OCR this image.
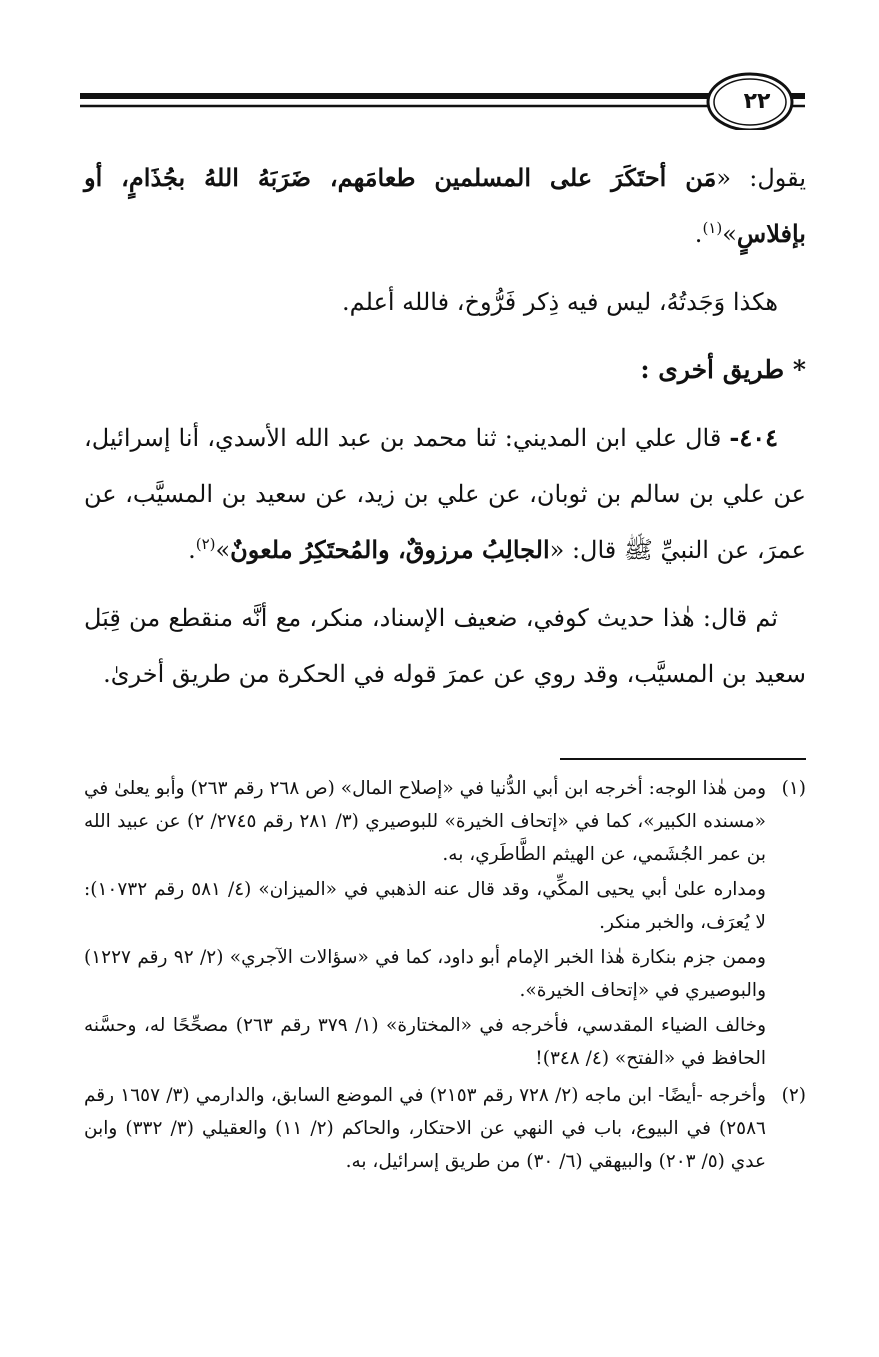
٢٢

يقول: «مَن أحتَكَرَ على المسلمين طعامَهم، ضَرَبَهُ اللهُ بجُذَامٍ، أو بإفلاسٍ»$^{(١)}$.

هكذا وَجَدتُهُ، ليس فيه ذِكر فَرُّوخ، فالله أعلم.

* طريق أخرى :

٤٠٤- قال علي ابن المديني: ثنا محمد بن عبد الله الأسدي، أنا إسرائيل، عن علي بن سالم بن ثوبان، عن علي بن زيد، عن سعيد بن المسيَّب، عن عمرَ، عن النبيِّ ﷺ قال: «الجالِبُ مرزوقٌ، والمُحتَكِرُ ملعونٌ»$^{(٢)}$.

ثم قال: هٰذا حديث كوفي، ضعيف الإسناد، منكر، مع أنَّه منقطع من قِبَل سعيد بن المسيَّب، وقد روي عن عمرَ قوله في الحكرة من طريق أخرىٰ.

(١)
ومن هٰذا الوجه: أخرجه ابن أبي الدُّنيا في «إصلاح المال» (ص ٢٦٨ رقم ٢٦٣) وأبو يعلىٰ في «مسنده الكبير»، كما في «إتحاف الخيرة» للبوصيري (٣/ ٢٨١ رقم ٢٧٤٥/ ٢) عن عبيد الله بن عمر الجُشَمي، عن الهيثم الطَّاطَري، به.
ومداره علىٰ أبي يحيى المكِّي، وقد قال عنه الذهبي في «الميزان» (٤/ ٥٨١ رقم ١٠٧٣٢): لا يُعرَف، والخبر منكر.
وممن جزم بنكارة هٰذا الخبر الإمام أبو داود، كما في «سؤالات الآجري» (٢/ ٩٢ رقم ١٢٢٧) والبوصيري في «إتحاف الخيرة».
وخالف الضياء المقدسي، فأخرجه في «المختارة» (١/ ٣٧٩ رقم ٢٦٣) مصحِّحًا له، وحسَّنه الحافظ في «الفتح» (٤/ ٣٤٨)!
(٢)
وأخرجه -أيضًا- ابن ماجه (٢/ ٧٢٨ رقم ٢١٥٣) في الموضع السابق، والدارمي (٣/ ١٦٥٧ رقم ٢٥٨٦) في البيوع، باب في النهي عن الاحتكار، والحاكم (٢/ ١١) والعقيلي (٣/ ٣٣٢) وابن عدي (٥/ ٢٠٣) والبيهقي (٦/ ٣٠) من طريق إسرائيل، به.
